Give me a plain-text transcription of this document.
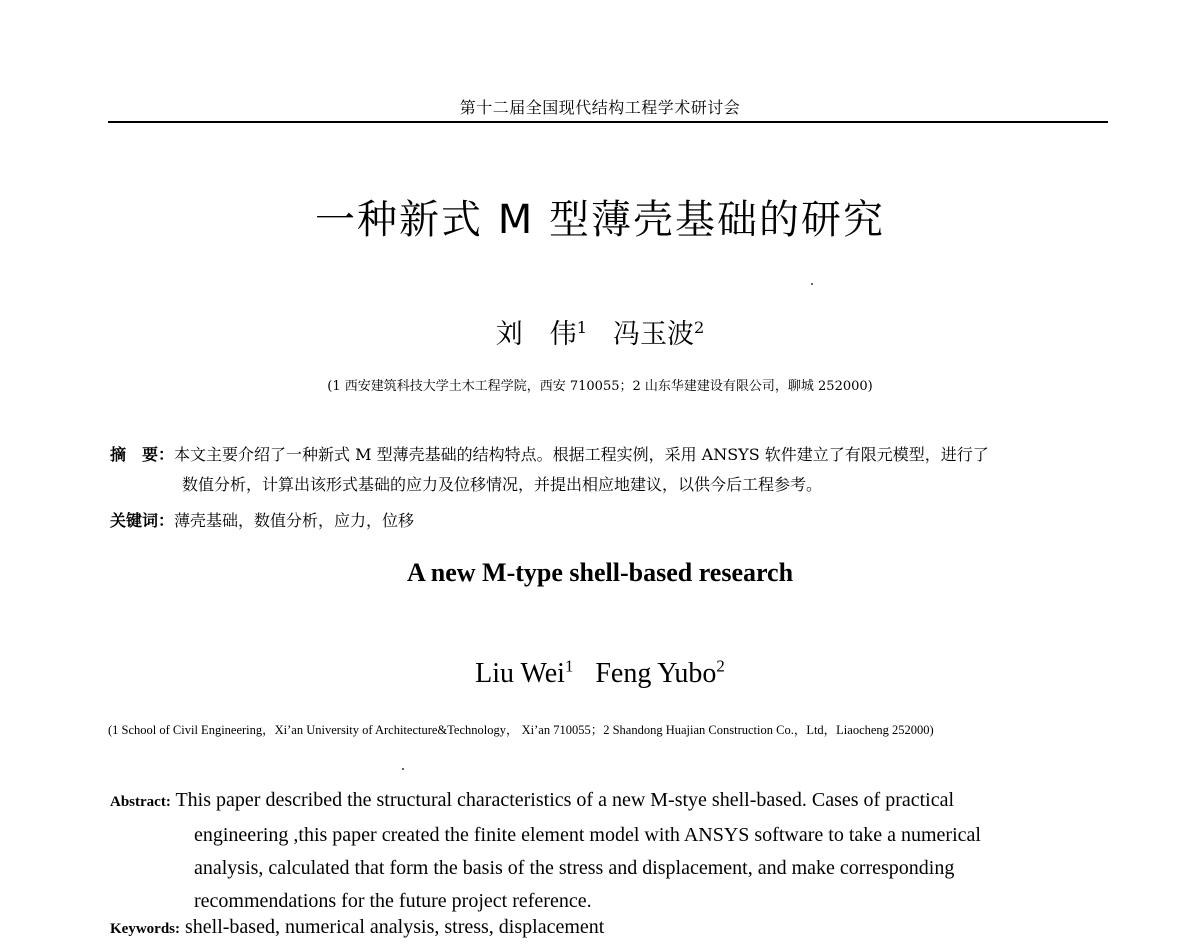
第十二届全国现代结构工程学术研讨会
一种新式 M 型薄壳基础的研究
刘　伟$^1$ 冯玉波$^2$
(1 西安建筑科技大学土木工程学院，西安 710055；2 山东华建建设有限公司，聊城 252000)
摘　要：本文主要介绍了一种新式 M 型薄壳基础的结构特点。根据工程实例，采用 ANSYS 软件建立了有限元模型，进行了
数值分析，计算出该形式基础的应力及位移情况，并提出相应地建议，以供今后工程参考。
关键词：薄壳基础，数值分析，应力，位移
A new M-type shell-based research
Liu Wei$^1$ Feng Yubo$^2$
(1 School of Civil Engineering，Xi’an University of Architecture&Technology， Xi’an 710055；2 Shandong Huajian Construction Co.，Ltd，Liaocheng 252000)

Abstract: This paper described the structural characteristics of a new M-stye shell-based. Cases of practical

engineering ,this paper created the finite element model with ANSYS software to take a numerical

analysis, calculated that form the basis of the stress and displacement, and make corresponding

recommendations for the future project reference.

Keywords: shell-based, numerical analysis, stress, displacement
